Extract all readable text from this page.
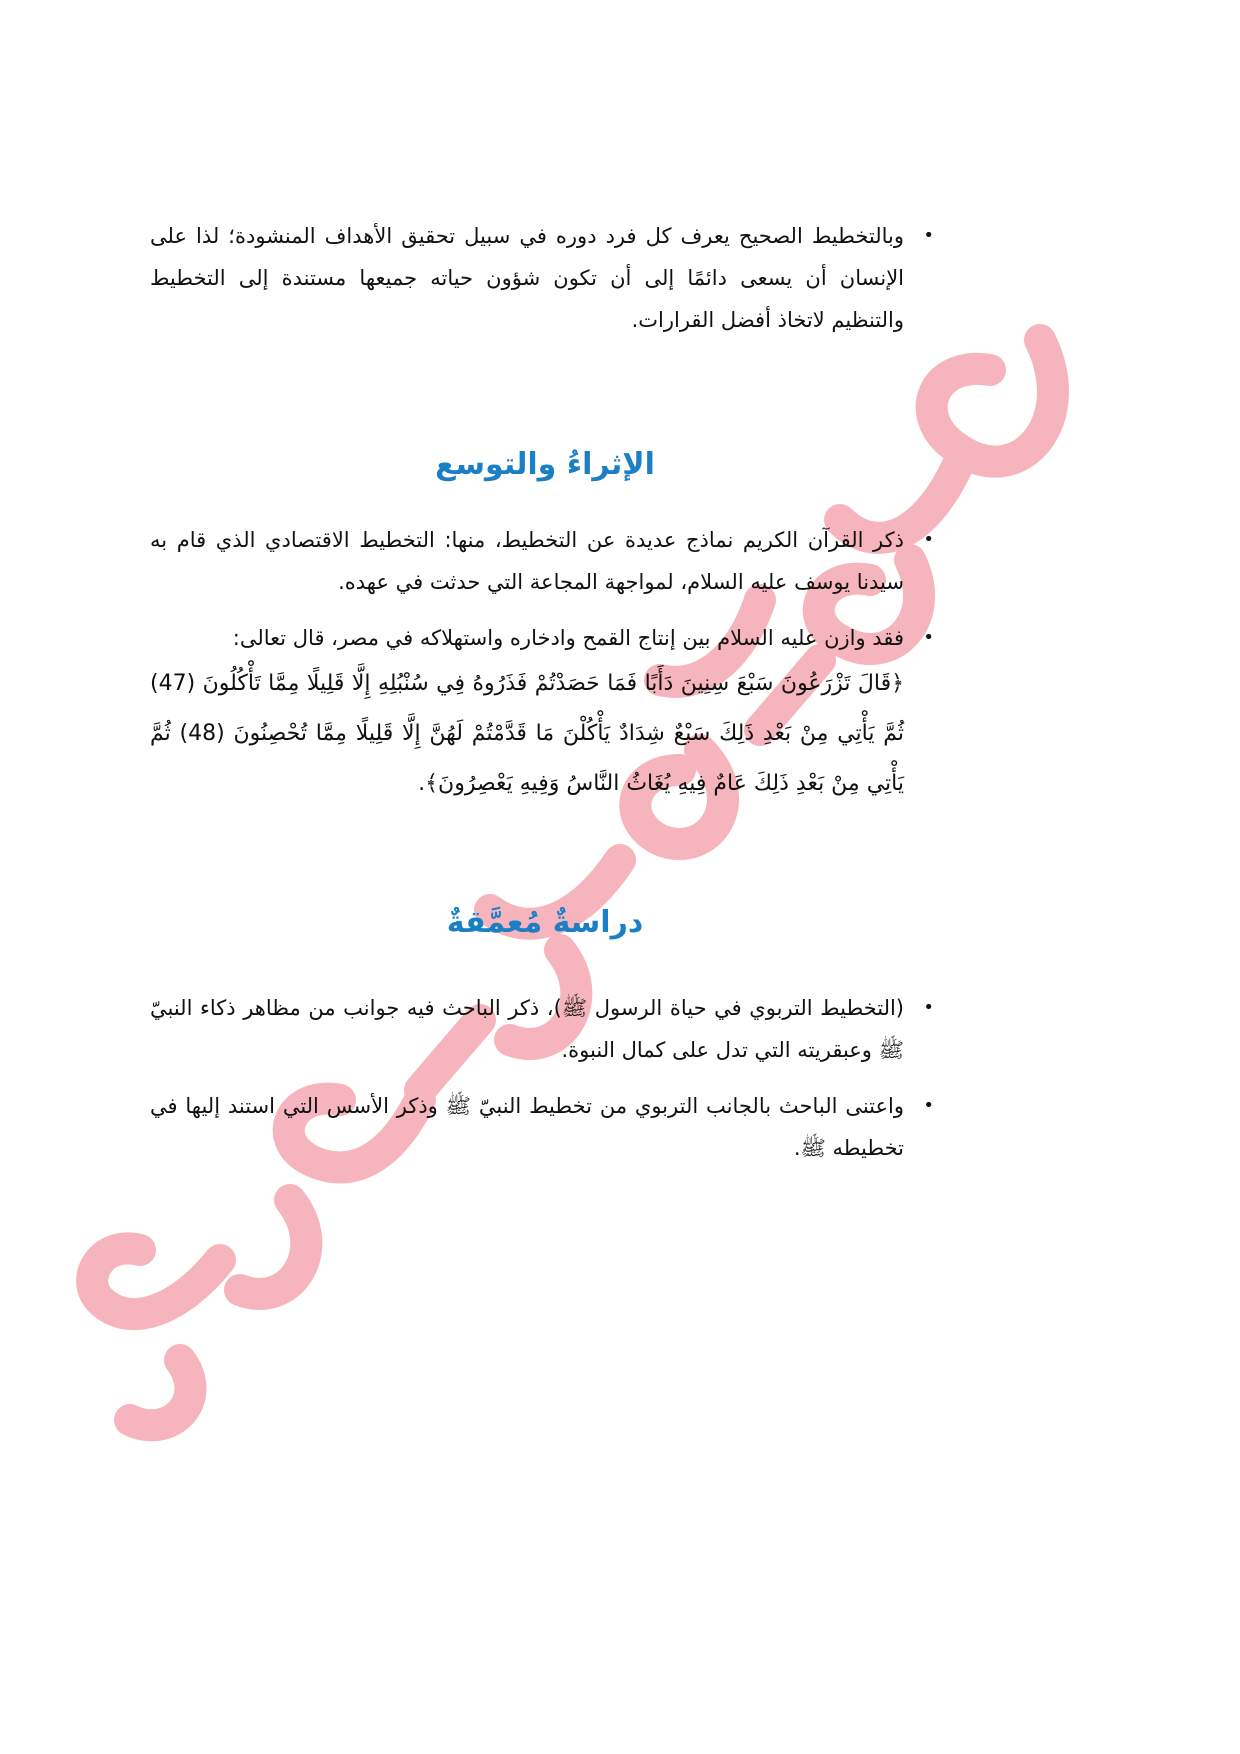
•
وبالتخطيط الصحيح يعرف كل فرد دوره في سبيل تحقيق الأهداف المنشودة؛ لذا على الإنسان أن يسعى دائمًا إلى أن تكون شؤون حياته جميعها مستندة إلى التخطيط والتنظيم لاتخاذ أفضل القرارات.
الإثراءُ والتوسع
•
ذكر القرآن الكريم نماذج عديدة عن التخطيط، منها: التخطيط الاقتصادي الذي قام به سيدنا يوسف عليه السلام، لمواجهة المجاعة التي حدثت في عهده.
•
فقد وازن عليه السلام بين إنتاج القمح وادخاره واستهلاكه في مصر، قال تعالى:
﴿قَالَ تَزْرَعُونَ سَبْعَ سِنِينَ دَأَبًا فَمَا حَصَدْتُمْ فَذَرُوهُ فِي سُنْبُلِهِ إِلَّا قَلِيلًا مِمَّا تَأْكُلُونَ (47) ثُمَّ يَأْتِي مِنْ بَعْدِ ذَلِكَ سَبْعٌ شِدَادٌ يَأْكُلْنَ مَا قَدَّمْتُمْ لَهُنَّ إِلَّا قَلِيلًا مِمَّا تُحْصِنُونَ (48) ثُمَّ يَأْتِي مِنْ بَعْدِ ذَلِكَ عَامٌ فِيهِ يُغَاثُ النَّاسُ وَفِيهِ يَعْصِرُونَ﴾.
دراسةٌ مُعمَّقةٌ
•
(التخطيط التربوي في حياة الرسول ﷺ)، ذكر الباحث فيه جوانب من مظاهر ذكاء النبيّ ﷺ وعبقريته التي تدل على كمال النبوة.
•
واعتنى الباحث بالجانب التربوي من تخطيط النبيّ ﷺ وذكر الأسس التي استند إليها في تخطيطه ﷺ.
